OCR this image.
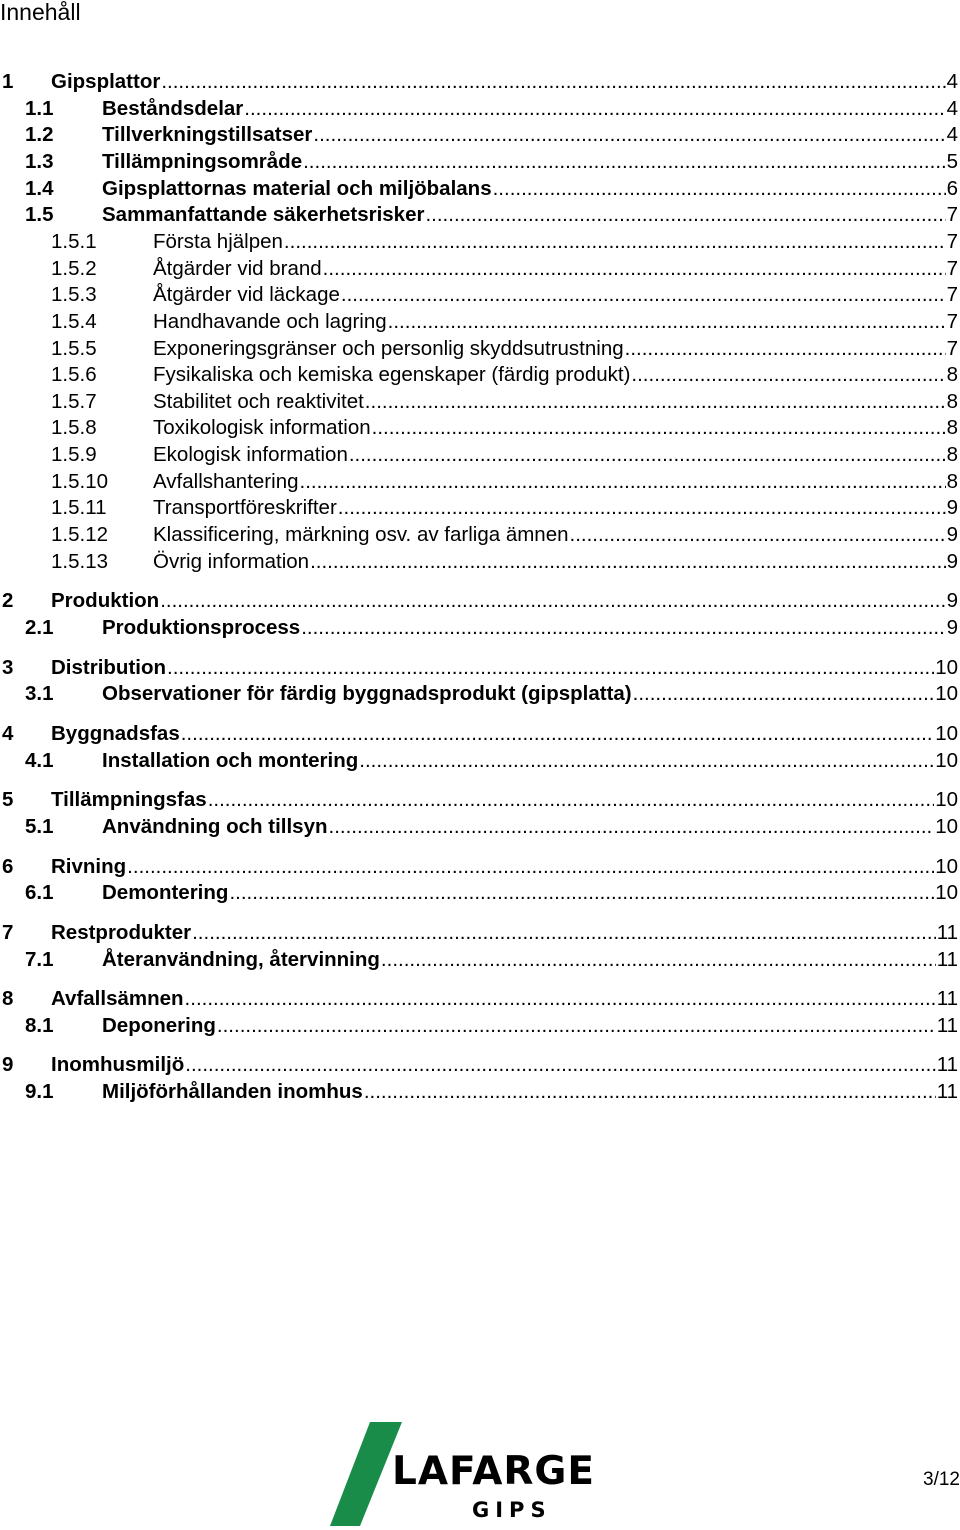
Innehåll
1 Gipsplattor .....	4
1.1 Beståndsdelar .....	4
1.2 Tillverkningstillsatser .....	4
1.3 Tillämpningsområde .....	5
1.4 Gipsplattornas material och miljöbalans .....	6
1.5 Sammanfattande säkerhetsrisker .....	7
1.5.1	Första hjälpen .....	7
1.5.2	Åtgärder vid brand .....	7
1.5.3	Åtgärder vid läckage .....	7
1.5.4	Handhavande och lagring .....	7
1.5.5	Exponeringsgränser och personlig skyddsutrustning .....	7
1.5.6	Fysikaliska och kemiska egenskaper (färdig produkt) .....	8
1.5.7	Stabilitet och reaktivitet .....	8
1.5.8	Toxikologisk information .....	8
1.5.9	Ekologisk information .....	8
1.5.10 Avfallshantering .....	8
1.5.11 Transportföreskrifter .....	9
1.5.12 Klassificering, märkning osv. av farliga ämnen .....	9
1.5.13 Övrig information .....	9
2 Produktion .....	9
2.1 Produktionsprocess .....	9
3 Distribution .....	10
3.1 Observationer för färdig byggnadsprodukt (gipsplatta) .....	10
4 Byggnadsfas .....	10
4.1 Installation och montering .....	10
5 Tillämpningsfas .....	10
5.1 Användning och tillsyn .....	10
6 Rivning .....	10
6.1 Demontering .....	10
7 Restprodukter .....	11
7.1 Återanvändning, återvinning .....	11
8 Avfallsämnen .....	11
8.1 Deponering .....	11
9 Inomhusmiljö .....	11
9.1 Miljöförhållanden inomhus .....	11
LAFARGE
GIPS
3/12
